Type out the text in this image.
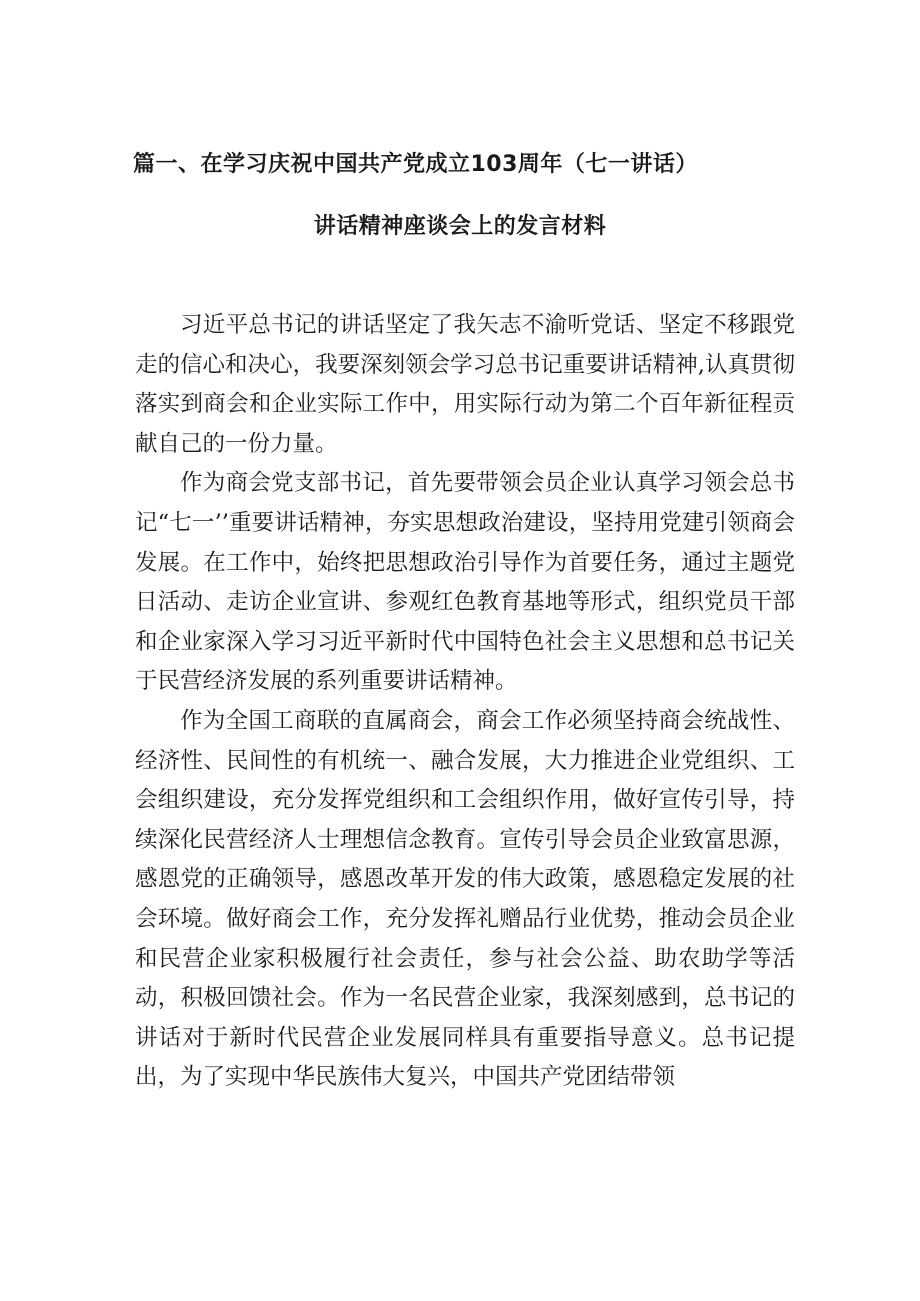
篇一、在学习庆祝中国共产党成立103周年（七一讲话）
讲话精神座谈会上的发言材料

习近平总书记的讲话坚定了我矢志不渝听党话、坚定不移跟党走的信心和决心，我要深刻领会学习总书记重要讲话精神,认真贯彻落实到商会和企业实际工作中，用实际行动为第二个百年新征程贡献自己的一份力量。

作为商会党支部书记，首先要带领会员企业认真学习领会总书记“七一’’重要讲话精神，夯实思想政治建设，坚持用党建引领商会发展。在工作中，始终把思想政治引导作为首要任务，通过主题党日活动、走访企业宣讲、参观红色教育基地等形式，组织党员干部和企业家深入学习习近平新时代中国特色社会主义思想和总书记关于民营经济发展的系列重要讲话精神。

作为全国工商联的直属商会，商会工作必须坚持商会统战性、经济性、民间性的有机统一、融合发展，大力推进企业党组织、工会组织建设，充分发挥党组织和工会组织作用，做好宣传引导，持续深化民营经济人士理想信念教育。宣传引导会员企业致富思源，感恩党的正确领导，感恩改革开发的伟大政策，感恩稳定发展的社会环境。做好商会工作，充分发挥礼赠品行业优势，推动会员企业和民营企业家积极履行社会责任，参与社会公益、助农助学等活动，积极回馈社会。作为一名民营企业家，我深刻感到，总书记的讲话对于新时代民营企业发展同样具有重要指导意义。总书记提出，为了实现中华民族伟大复兴，中国共产党团结带领
